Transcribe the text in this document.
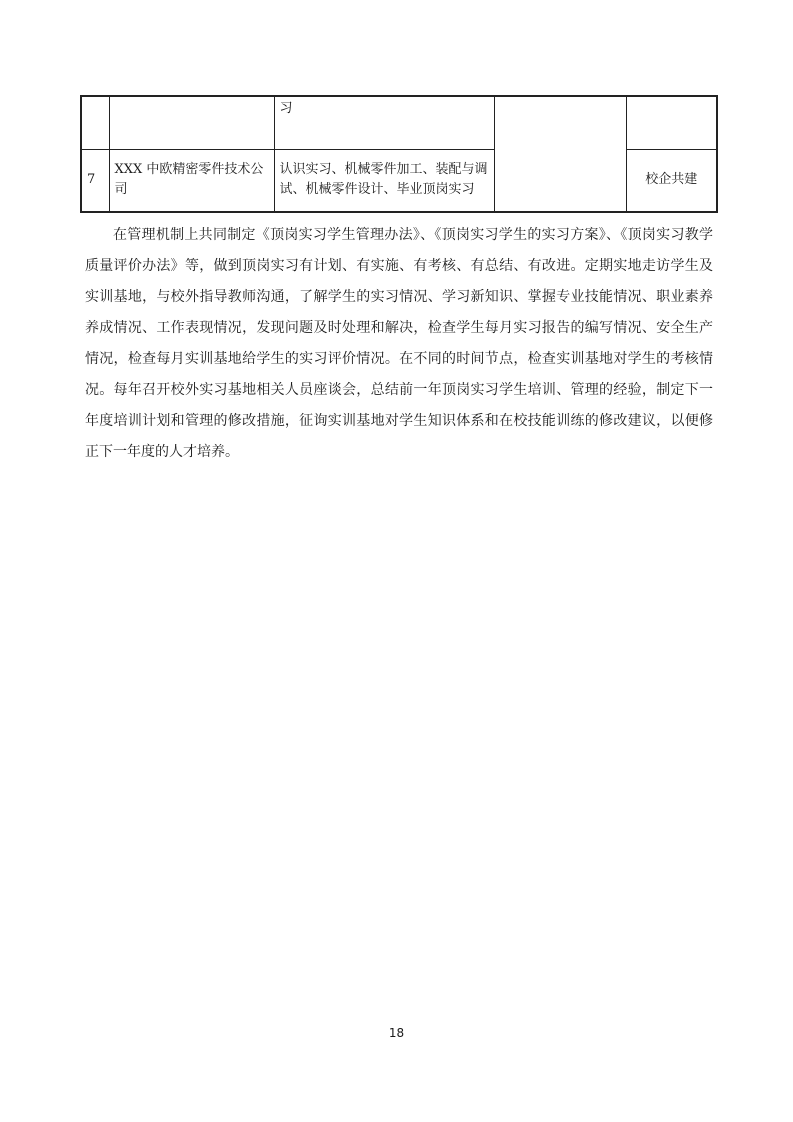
		习		
7	XXX 中欧精密零件技术公司	认识实习、机械零件加工、装配与调试、机械零件设计、毕业顶岗实习		校企共建

在管理机制上共同制定《顶岗实习学生管理办法》、《顶岗实习学生的实习方案》、《顶岗实习教学质量评价办法》等，做到顶岗实习有计划、有实施、有考核、有总结、有改进。定期实地走访学生及实训基地，与校外指导教师沟通，了解学生的实习情况、学习新知识、掌握专业技能情况、职业素养养成情况、工作表现情况，发现问题及时处理和解决，检查学生每月实习报告的编写情况、安全生产情况，检查每月实训基地给学生的实习评价情况。在不同的时间节点，检查实训基地对学生的考核情况。每年召开校外实习基地相关人员座谈会，总结前一年顶岗实习学生培训、管理的经验，制定下一年度培训计划和管理的修改措施，征询实训基地对学生知识体系和在校技能训练的修改建议，以便修正下一年度的人才培养。

18
